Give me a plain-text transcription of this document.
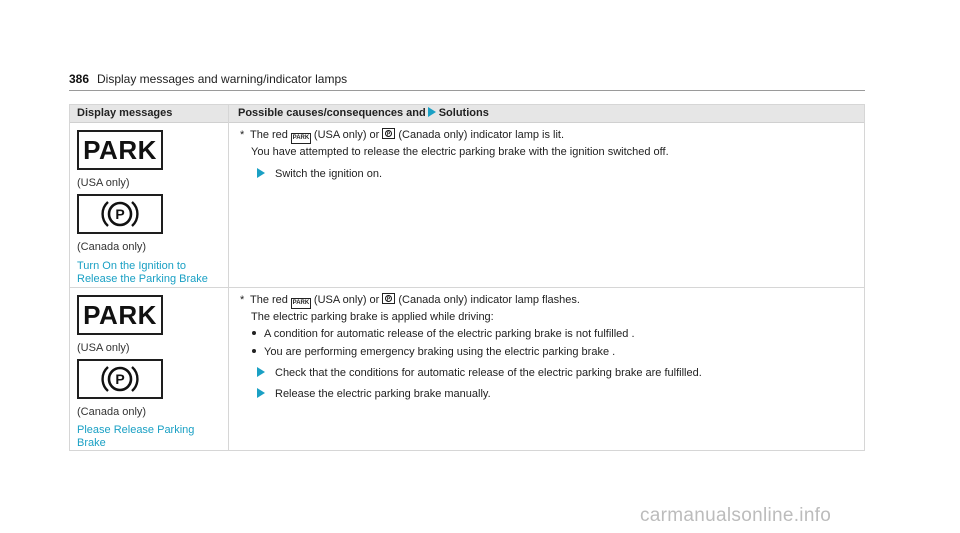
386 Display messages and warning/indicator lamps
Display messages	Possible causes/consequences and Solutions
PARK
(USA only)
P
(Canada only)
Turn On the Ignition to Release the Parking Brake
* The red PARK (USA only) or P (Canada only) indicator lamp is lit.
You have attempted to release the electric parking brake with the ignition switched off.
Switch the ignition on.
PARK
(USA only)
P
(Canada only)
Please Release Parking Brake
* The red PARK (USA only) or P (Canada only) indicator lamp flashes.
The electric parking brake is applied while driving:
A condition for automatic release of the electric parking brake is not fulfilled .
You are performing emergency braking using the electric parking brake .
Check that the conditions for automatic release of the electric parking brake are fulfilled.
Release the electric parking brake manually.
carmanualsonline.info
